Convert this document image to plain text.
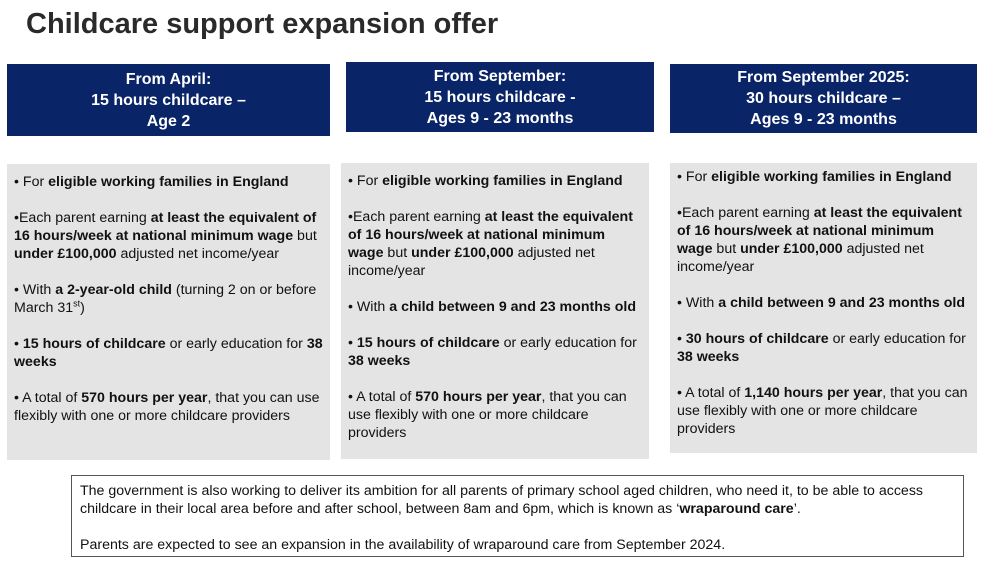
Childcare support expansion offer
From April:
15 hours childcare –
Age 2

• For eligible working families in England

•Each parent earning at least the equivalent of 16 hours/week at national minimum wage but under £100,000 adjusted net income/year

• With a 2-year-old child (turning 2 on or before March 31st)

• 15 hours of childcare or early education for 38 weeks

• A total of 570 hours per year, that you can use flexibly with one or more childcare providers

From September:
15 hours childcare -
Ages 9 - 23 months

• For eligible working families in England

•Each parent earning at least the equivalent of 16 hours/week at national minimum wage but under £100,000 adjusted net income/year

• With a child between 9 and 23 months old

• 15 hours of childcare or early education for 38 weeks

• A total of 570 hours per year, that you can use flexibly with one or more childcare providers

From September 2025:
30 hours childcare –
Ages 9 - 23 months

• For eligible working families in England

•Each parent earning at least the equivalent of 16 hours/week at national minimum wage but under £100,000 adjusted net income/year

• With a child between 9 and 23 months old

• 30 hours of childcare or early education for 38 weeks

• A total of 1,140 hours per year, that you can use flexibly with one or more childcare providers

The government is also working to deliver its ambition for all parents of primary school aged children, who need it, to be able to access childcare in their local area before and after school, between 8am and 6pm, which is known as ‘wraparound care’.

Parents are expected to see an expansion in the availability of wraparound care from September 2024.
